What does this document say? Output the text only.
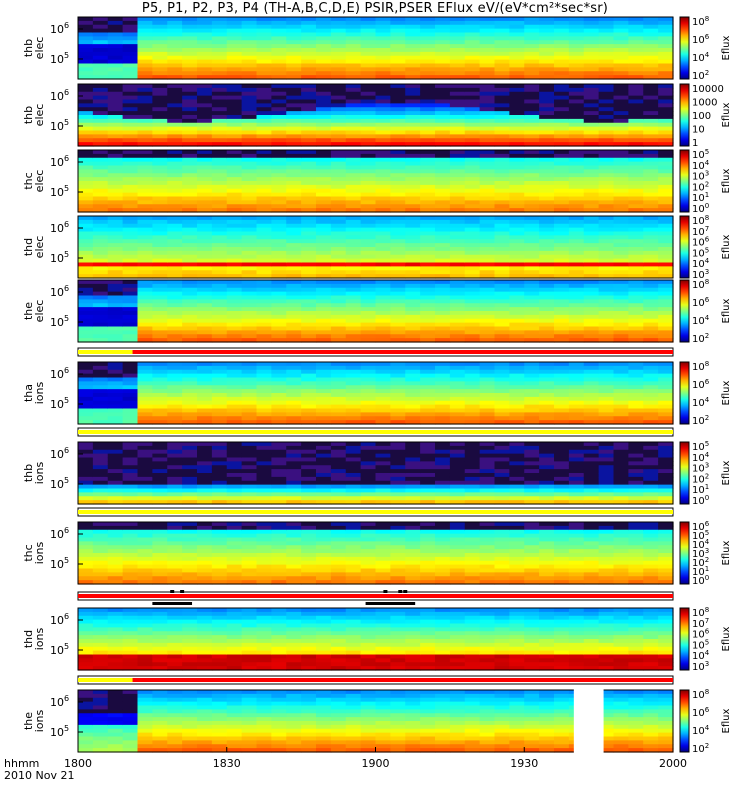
P5, P1, P2, P3, P4 (TH-A,B,C,D,E) PSIR,PSER EFlux eV/(eV*cm²*sec*sr)
$10^6$
$10^5$
thbelec
$10^8$
$10^6$
$10^4$
$10^2$
Eflux
$10^6$
$10^5$
thbelec
10000
1000
100
10
1
Eflux
$10^6$
$10^5$
thcelec
$10^5$
$10^4$
$10^3$
$10^2$
$10^1$
$10^0$
Eflux
$10^6$
$10^5$
thdelec
$10^8$
$10^7$
$10^6$
$10^5$
$10^4$
$10^3$
Eflux
$10^6$
$10^5$
theelec
$10^8$
$10^6$
$10^4$
$10^2$
Eflux
$10^6$
$10^5$
thaions
$10^8$
$10^6$
$10^4$
$10^2$
Eflux
$10^6$
$10^5$
thbions
$10^5$
$10^4$
$10^3$
$10^2$
$10^1$
$10^0$
Eflux
$10^6$
$10^5$
thcions
$10^6$
$10^5$
$10^4$
$10^3$
$10^2$
$10^1$
$10^0$
Eflux
$10^6$
$10^5$
thdions
$10^8$
$10^7$
$10^6$
$10^5$
$10^4$
$10^3$
Eflux
$10^6$
$10^5$
theions
$10^8$
$10^6$
$10^4$
$10^2$
Eflux
1800	1830	1900	1930	2000
hhmm
2010 Nov 21
